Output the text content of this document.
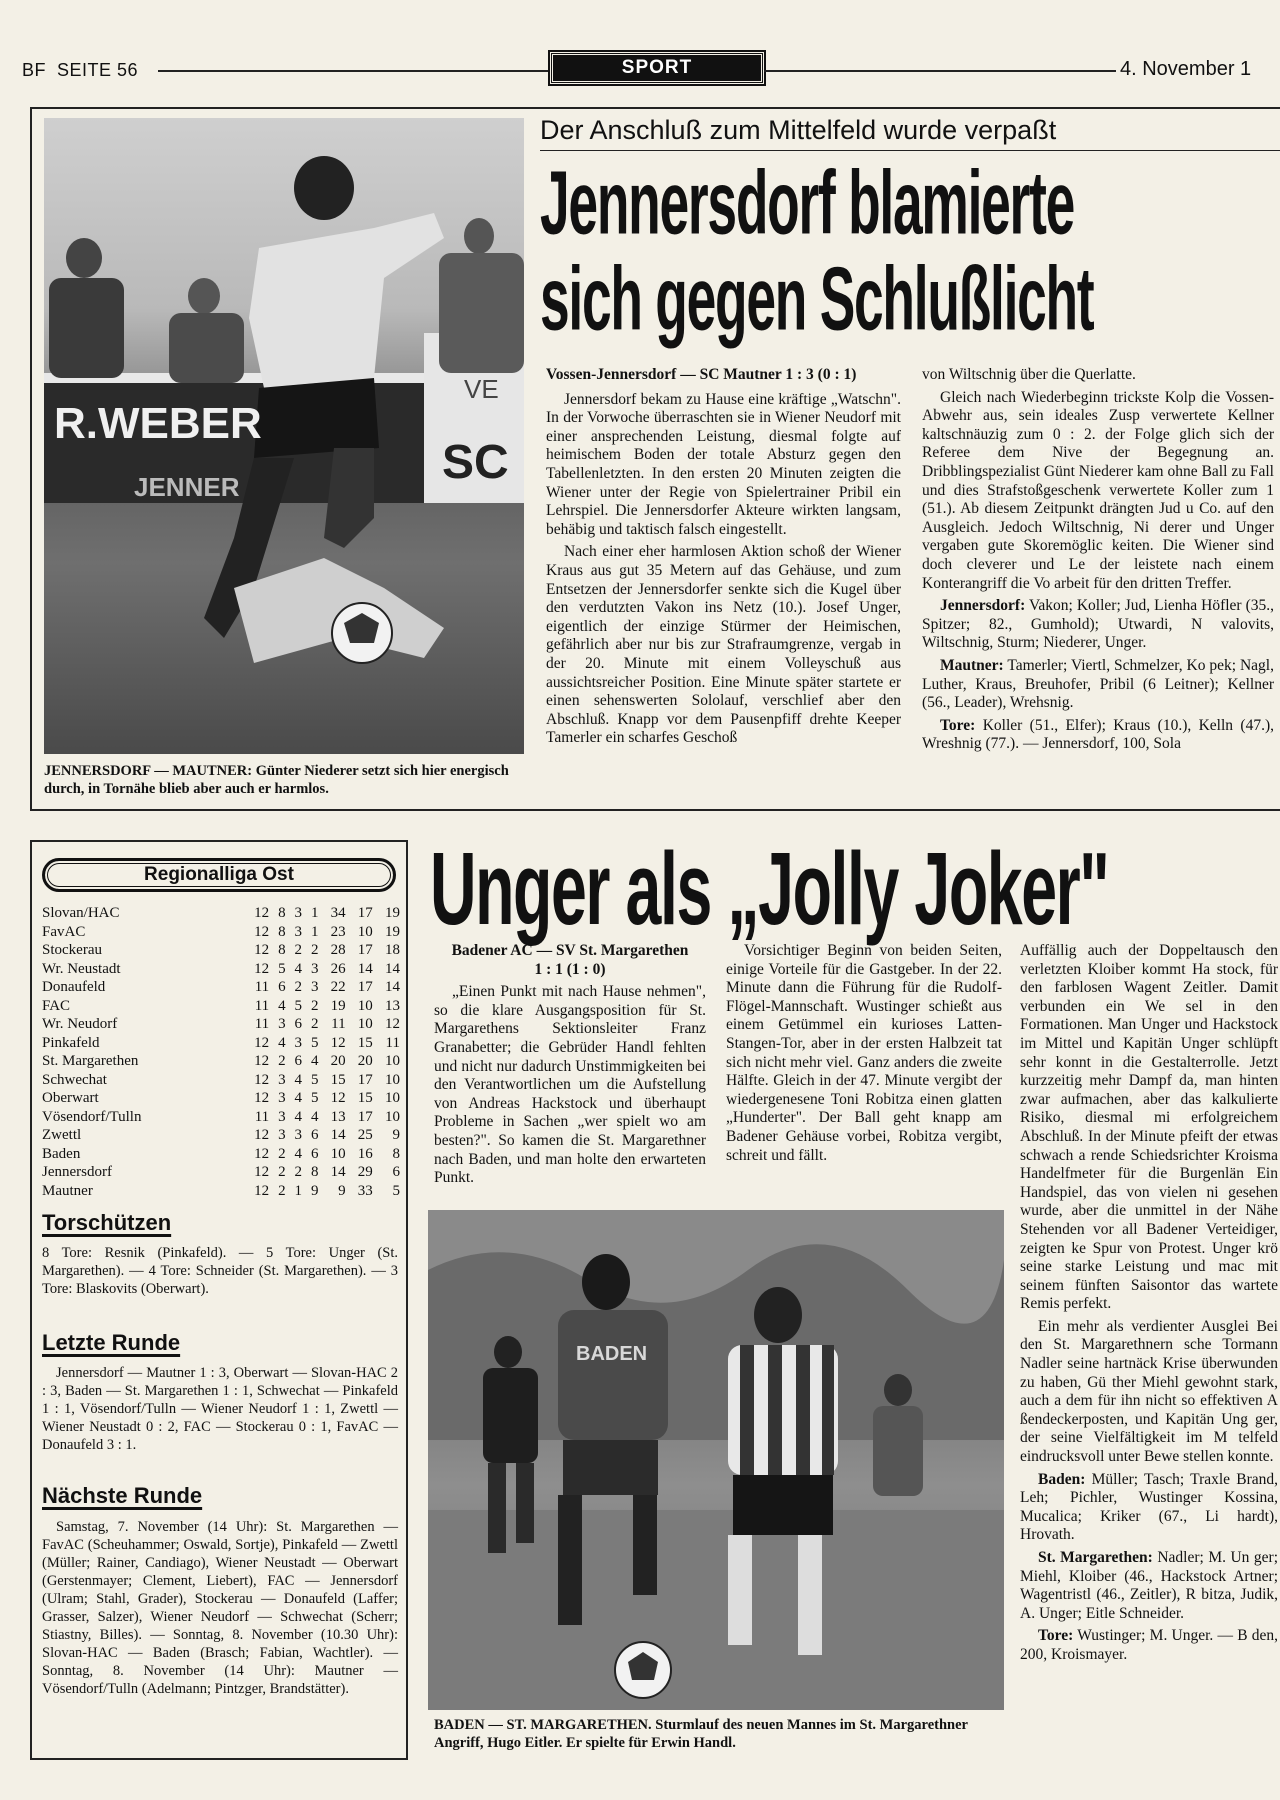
BF  SEITE 56	SPORT	4. November 1
R.WEBER
JENNER	SC
VE
JENNERSDORF — MAUTNER: Günter Niederer setzt sich hier energisch durch, in Tornähe blieb aber auch er harmlos.
Der Anschluß zum Mittelfeld wurde verpaßt
Jennersdorf blamierte
sich gegen Schlußlicht

Vossen-Jennersdorf — SC Mautner 1 : 3 (0 : 1)

Jennersdorf bekam zu Hause eine kräftige „Watschn". In der Vorwoche überraschten sie in Wiener Neudorf mit einer ansprechenden Leistung, diesmal folgte auf heimischem Boden der totale Absturz gegen den Tabellenletzten. In den ersten 20 Minuten zeigten die Wiener unter der Regie von Spielertrainer Pribil ein Lehrspiel. Die Jennersdorfer Akteure wirkten langsam, behäbig und taktisch falsch eingestellt.

Nach einer eher harmlosen Aktion schoß der Wiener Kraus aus gut 35 Metern auf das Gehäuse, und zum Entsetzen der Jennersdorfer senkte sich die Kugel über den verdutzten Vakon ins Netz (10.). Josef Unger, eigentlich der einzige Stürmer der Heimischen, gefährlich aber nur bis zur Strafraumgrenze, vergab in der 20. Minute mit einem Volleyschuß aus aussichtsreicher Position. Eine Minute später startete er einen sehenswerten Sololauf, verschlief aber den Abschluß. Knapp vor dem Pausenpfiff drehte Keeper Tamerler ein scharfes Geschoß

von Wiltschnig über die Querlatte.

Gleich nach Wiederbeginn trickste Kolp die Vossen-Abwehr aus, sein ideales Zusp verwertete Kellner kaltschnäuzig zum 0 : 2. der Folge glich sich der Referee dem Nive der Begegnung an. Dribblingspezialist Günt Niederer kam ohne Ball zu Fall und dies Strafstoßgeschenk verwertete Koller zum 1 (51.). Ab diesem Zeitpunkt drängten Jud u Co. auf den Ausgleich. Jedoch Wiltschnig, Ni derer und Unger vergaben gute Skoremöglic keiten. Die Wiener sind doch cleverer und Le der leistete nach einem Konterangriff die Vo arbeit für den dritten Treffer.

Jennersdorf: Vakon; Koller; Jud, Lienha Höfler (35., Spitzer; 82., Gumhold); Utwardi, N valovits, Wiltschnig, Sturm; Niederer, Unger.

Mautner: Tamerler; Viertl, Schmelzer, Ko pek; Nagl, Luther, Kraus, Breuhofer, Pribil (6 Leitner); Kellner (56., Leader), Wrehsnig.

Tore: Koller (51., Elfer); Kraus (10.), Kelln (47.), Wreshnig (77.). — Jennersdorf, 100, Sola

Regionalliga Ost
Slovan/HAC	12	8	3	1	34	17	19
FavAC	12	8	3	1	23	10	19
Stockerau	12	8	2	2	28	17	18
Wr. Neustadt	12	5	4	3	26	14	14
Donaufeld	11	6	2	3	22	17	14
FAC	11	4	5	2	19	10	13
Wr. Neudorf	11	3	6	2	11	10	12
Pinkafeld	12	4	3	5	12	15	11
St. Margarethen	12	2	6	4	20	20	10
Schwechat	12	3	4	5	15	17	10
Oberwart	12	3	4	5	12	15	10
Vösendorf/Tulln	11	3	4	4	13	17	10
Zwettl	12	3	3	6	14	25	9
Baden	12	2	4	6	10	16	8
Jennersdorf	12	2	2	8	14	29	6
Mautner	12	2	1	9	9	33	5
Torschützen
8 Tore: Resnik (Pinkafeld). — 5 Tore: Unger (St. Margarethen). — 4 Tore: Schneider (St. Margarethen). — 3 Tore: Blaskovits (Oberwart).
Letzte Runde
Jennersdorf — Mautner 1 : 3, Oberwart — Slovan-HAC 2 : 3, Baden — St. Margarethen 1 : 1, Schwechat — Pinkafeld 1 : 1, Vösendorf/Tulln — Wiener Neudorf 1 : 1, Zwettl — Wiener Neustadt 0 : 2, FAC — Stockerau 0 : 1, FavAC — Donaufeld 3 : 1.
Nächste Runde
Samstag, 7. November (14 Uhr): St. Margarethen — FavAC (Scheuhammer; Oswald, Sortje), Pinkafeld — Zwettl (Müller; Rainer, Candiago), Wiener Neustadt — Oberwart (Gerstenmayer; Clement, Liebert), FAC — Jennersdorf (Ulram; Stahl, Grader), Stockerau — Donaufeld (Laffer; Grasser, Salzer), Wiener Neudorf — Schwechat (Scherr; Stiastny, Billes). — Sonntag, 8. November (10.30 Uhr): Slovan-HAC — Baden (Brasch; Fabian, Wachtler). — Sonntag, 8. November (14 Uhr): Mautner — Vösendorf/Tulln (Adelmann; Pintzger, Brandstätter).
Unger als „Jolly Joker"

Badener AC — SV St. Margarethen

1 : 1 (1 : 0)

„Einen Punkt mit nach Hause nehmen", so die klare Ausgangsposition für St. Margarethens Sektionsleiter Franz Granabetter; die Gebrüder Handl fehlten und nicht nur dadurch Unstimmigkeiten bei den Verantwortlichen um die Aufstellung von Andreas Hackstock und überhaupt Probleme in Sachen „wer spielt wo am besten?". So kamen die St. Margarethner nach Baden, und man holte den erwarteten Punkt.

Vorsichtiger Beginn von beiden Seiten, einige Vorteile für die Gastgeber. In der 22. Minute dann die Führung für die Rudolf-Flögel-Mannschaft. Wustinger schießt aus einem Getümmel ein kurioses Latten-Stangen-Tor, aber in der ersten Halbzeit tat sich nicht mehr viel. Ganz anders die zweite Hälfte. Gleich in der 47. Minute vergibt der wiedergenesene Toni Robitza einen glatten „Hunderter". Der Ball geht knapp am Badener Gehäuse vorbei, Robitza vergibt, schreit und fällt.

Auffällig auch der Doppeltausch den verletzten Kloiber kommt Ha stock, für den farblosen Wagent Zeitler. Damit verbunden ein We sel in den Formationen. Man Unger und Hackstock im Mittel und Kapitän Unger schlüpft sehr konnt in die Gestalterrolle. Jetzt kurzzeitig mehr Dampf da, man hinten zwar aufmachen, aber das kalkulierte Risiko, diesmal mi erfolgreichem Abschluß. In der Minute pfeift der etwas schwach a rende Schiedsrichter Kroisma Handelfmeter für die Burgenlän Ein Handspiel, das von vielen ni gesehen wurde, aber die unmittel in der Nähe Stehenden vor all Badener Verteidiger, zeigten ke Spur von Protest. Unger krö seine starke Leistung und mac mit seinem fünften Saisontor das wartete Remis perfekt.

Ein mehr als verdienter Ausglei Bei den St. Margarethnern sche Tormann Nadler seine hartnäck Krise überwunden zu haben, Gü ther Miehl gewohnt stark, auch a dem für ihn nicht so effektiven A ßendeckerposten, und Kapitän Ung ger, der seine Vielfältigkeit im M telfeld eindrucksvoll unter Bewe stellen konnte.

Baden: Müller; Tasch; Traxle Brand, Leh; Pichler, Wustinger Kossina, Mucalica; Kriker (67., Li hardt), Hrovath.

St. Margarethen: Nadler; M. Un ger; Miehl, Kloiber (46., Hackstock Artner; Wagentristl (46., Zeitler), R bitza, Judik, A. Unger; Eitle Schneider.

Tore: Wustinger; M. Unger. — B den, 200, Kroismayer.

BADEN
BADEN — ST. MARGARETHEN. Sturmlauf des neuen Mannes im St. Margarethner Angriff, Hugo Eitler. Er spielte für Erwin Handl.
